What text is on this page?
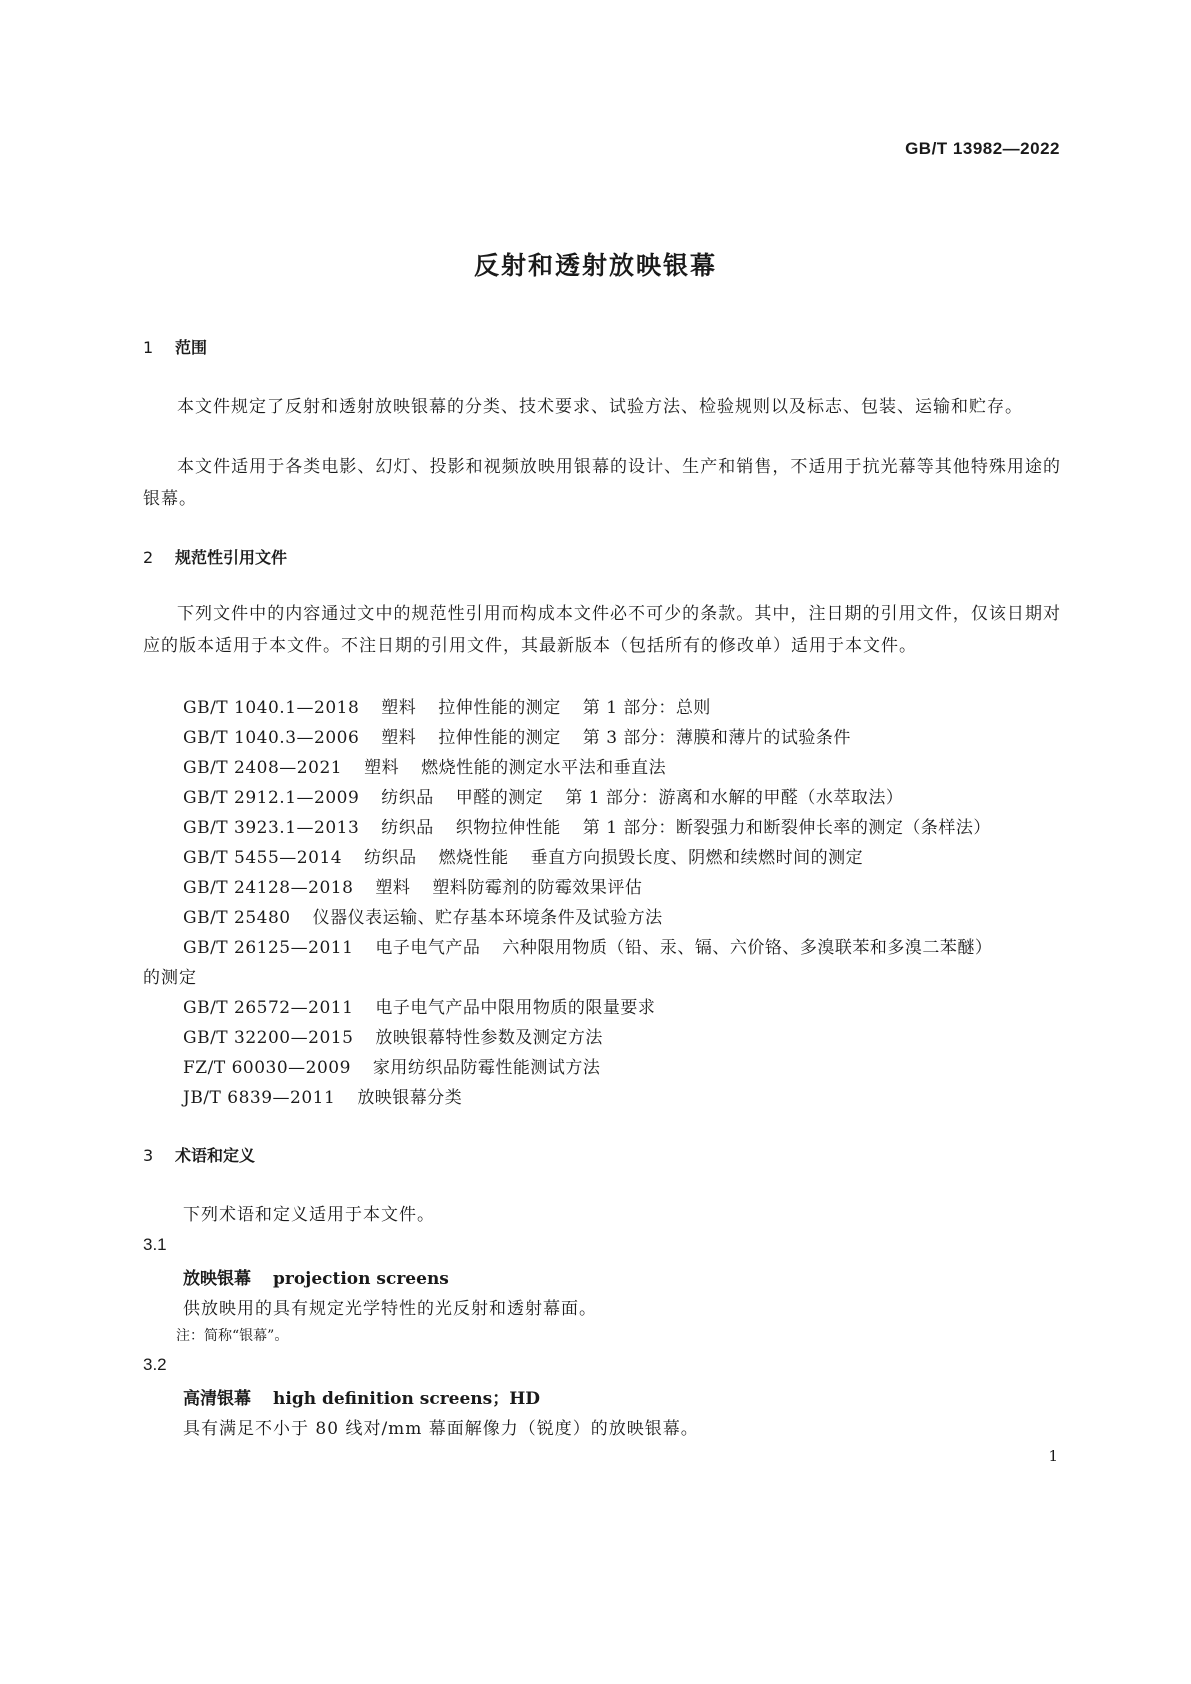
GB/T 13982—2022
反射和透射放映银幕
1 范围
本文件规定了反射和透射放映银幕的分类、技术要求、试验方法、检验规则以及标志、包装、运输和贮存。
本文件适用于各类电影、幻灯、投影和视频放映用银幕的设计、生产和销售，不适用于抗光幕等其他特殊用途的银幕。
2 规范性引用文件
下列文件中的内容通过文中的规范性引用而构成本文件必不可少的条款。其中，注日期的引用文件，仅该日期对应的版本适用于本文件。不注日期的引用文件，其最新版本（包括所有的修改单）适用于本文件。
GB/T 1040.1—2018 塑料 拉伸性能的测定 第 1 部分：总则
GB/T 1040.3—2006 塑料 拉伸性能的测定 第 3 部分：薄膜和薄片的试验条件
GB/T 2408—2021 塑料 燃烧性能的测定水平法和垂直法
GB/T 2912.1—2009 纺织品 甲醛的测定 第 1 部分：游离和水解的甲醛（水萃取法）
GB/T 3923.1—2013 纺织品 织物拉伸性能 第 1 部分：断裂强力和断裂伸长率的测定（条样法）
GB/T 5455—2014 纺织品 燃烧性能 垂直方向损毁长度、阴燃和续燃时间的测定
GB/T 24128—2018 塑料 塑料防霉剂的防霉效果评估
GB/T 25480 仪器仪表运输、贮存基本环境条件及试验方法
GB/T 26125—2011 电子电气产品 六种限用物质（铅、汞、镉、六价铬、多溴联苯和多溴二苯醚）
的测定
GB/T 26572—2011 电子电气产品中限用物质的限量要求
GB/T 32200—2015 放映银幕特性参数及测定方法
FZ/T 60030—2009 家用纺织品防霉性能测试方法
JB/T 6839—2011 放映银幕分类
3 术语和定义
下列术语和定义适用于本文件。
3.1
放映银幕 projection screens
供放映用的具有规定光学特性的光反射和透射幕面。
注：简称“银幕”。
3.2
高清银幕 high definition screens；HD
具有满足不小于 80 线对/mm 幕面解像力（锐度）的放映银幕。
1
